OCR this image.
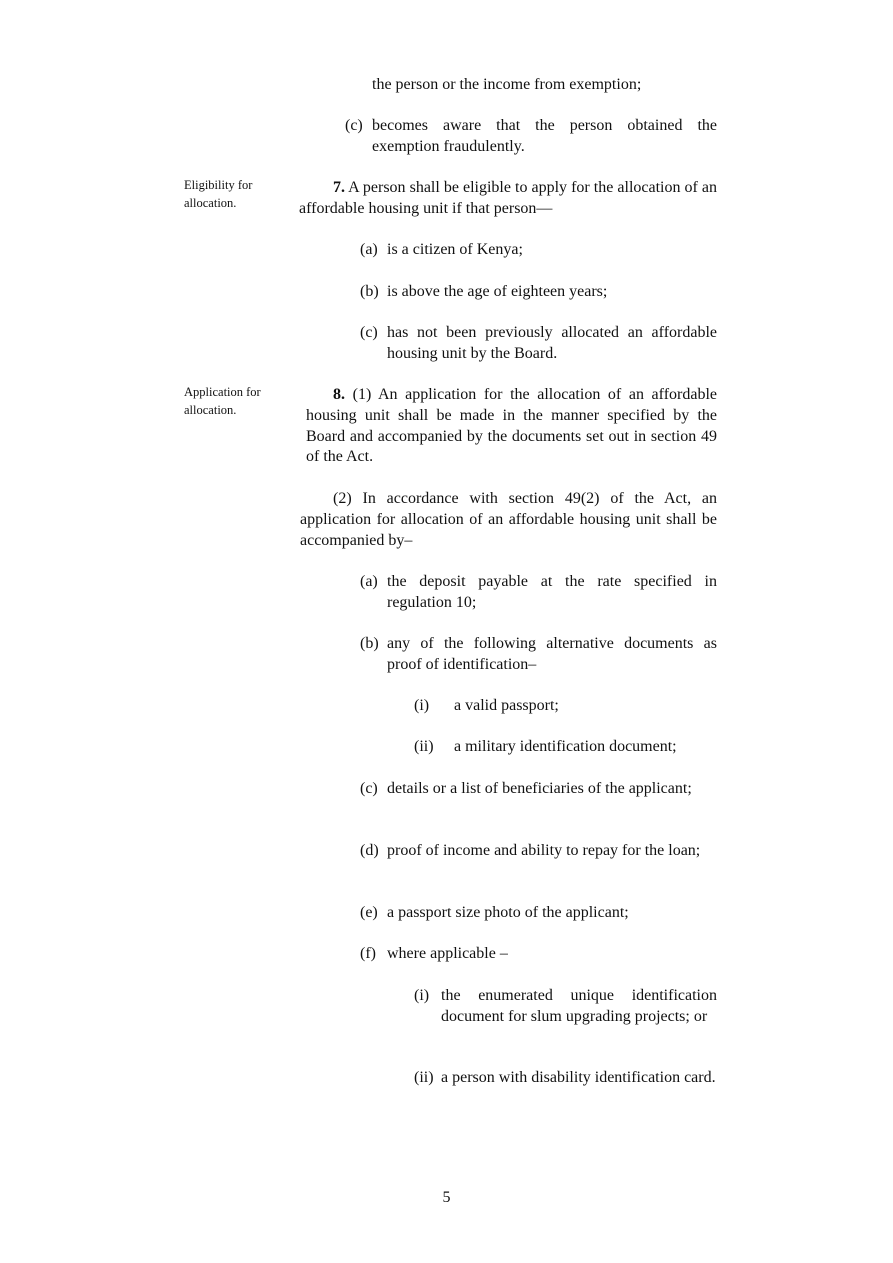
the person or the income from exemption;
(c) becomes aware that the person obtained the exemption fraudulently.
Eligibility for allocation.
7. A person shall be eligible to apply for the allocation of an affordable housing unit if that person—
(a) is a citizen of Kenya;
(b) is above the age of eighteen years;
(c) has not been previously allocated an affordable housing unit by the Board.
Application for allocation.
8. (1) An application for the allocation of an affordable housing unit shall be made in the manner specified by the Board and accompanied by the documents set out in section 49 of the Act.
(2) In accordance with section 49(2) of the Act, an application for allocation of an affordable housing unit shall be accompanied by–
(a) the deposit payable at the rate specified in regulation 10;
(b) any of the following alternative documents as proof of identification–
(i)	a valid passport;
(ii)	a military identification document;
(c) details or a list of beneficiaries of the applicant;
(d) proof of income and ability to repay for the loan;
(e) a passport size photo of the applicant;
(f) where applicable –
(i) the enumerated unique identification document for slum upgrading projects; or
(ii) a person with disability identification card.
5
